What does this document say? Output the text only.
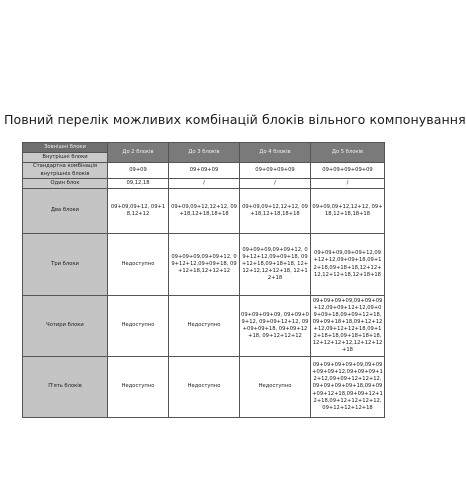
Повний перелік можливих комбінацій блоків вільного компонування
Зовнішні блоки	До 2 блоків	До 3 блоків	До 4 блоків	До 5 блоків
Внутрішні блоки				
Стандартна комбінація внутрішніх блоків	09+09	09+09+09	09+09+09+09	09+09+09+09+09
Один блок	09,12,18	/	/	/
Два блоки	09+09,09+12, 09+18,12+12	09+09,09+12,12+12, 09+18,12+18,18+18	09+09,09+12,12+12, 09+18,12+18,18+18	09+09,09+12,12+12, 09+18,12+18,18+18
Три блоки	Недоступно	09+09+09,09+09+12, 09+12+12,09+09+18, 09+12+18,12+12+12	09+09+09,09+09+12, 09+12+12,09+09+18, 09+12+18,09+18+18, 12+12+12,12+12+18, 12+12+18	09+09+09,09+09+12,09+12+12,09+09+18,09+12+18,09+18+18,12+12+12,12+12+18,12+18+18
Чотири блоки	Недоступно	Недоступно	09+09+09+09, 09+09+09+12, 09+09+12+12, 09+09+09+18, 09+09+12+18, 09+12+12+12	09+09+09+09,09+09+09+12,09+09+12+12,09+09+09+18,09+09+12+18,09+09+18+18,09+12+12+12,09+12+12+18,09+12+18+18,09+18+18+18,12+12+12+12,12+12+12+18
П'ять блоків	Недоступно	Недоступно	Недоступно	09+09+09+09+09,09+09+09+09+12,09+09+09+12+12,09+09+12+12+12,09+09+09+09+18,09+09+09+12+18,09+09+12+12+18,09+12+12+12+12,09+12+12+12+18
